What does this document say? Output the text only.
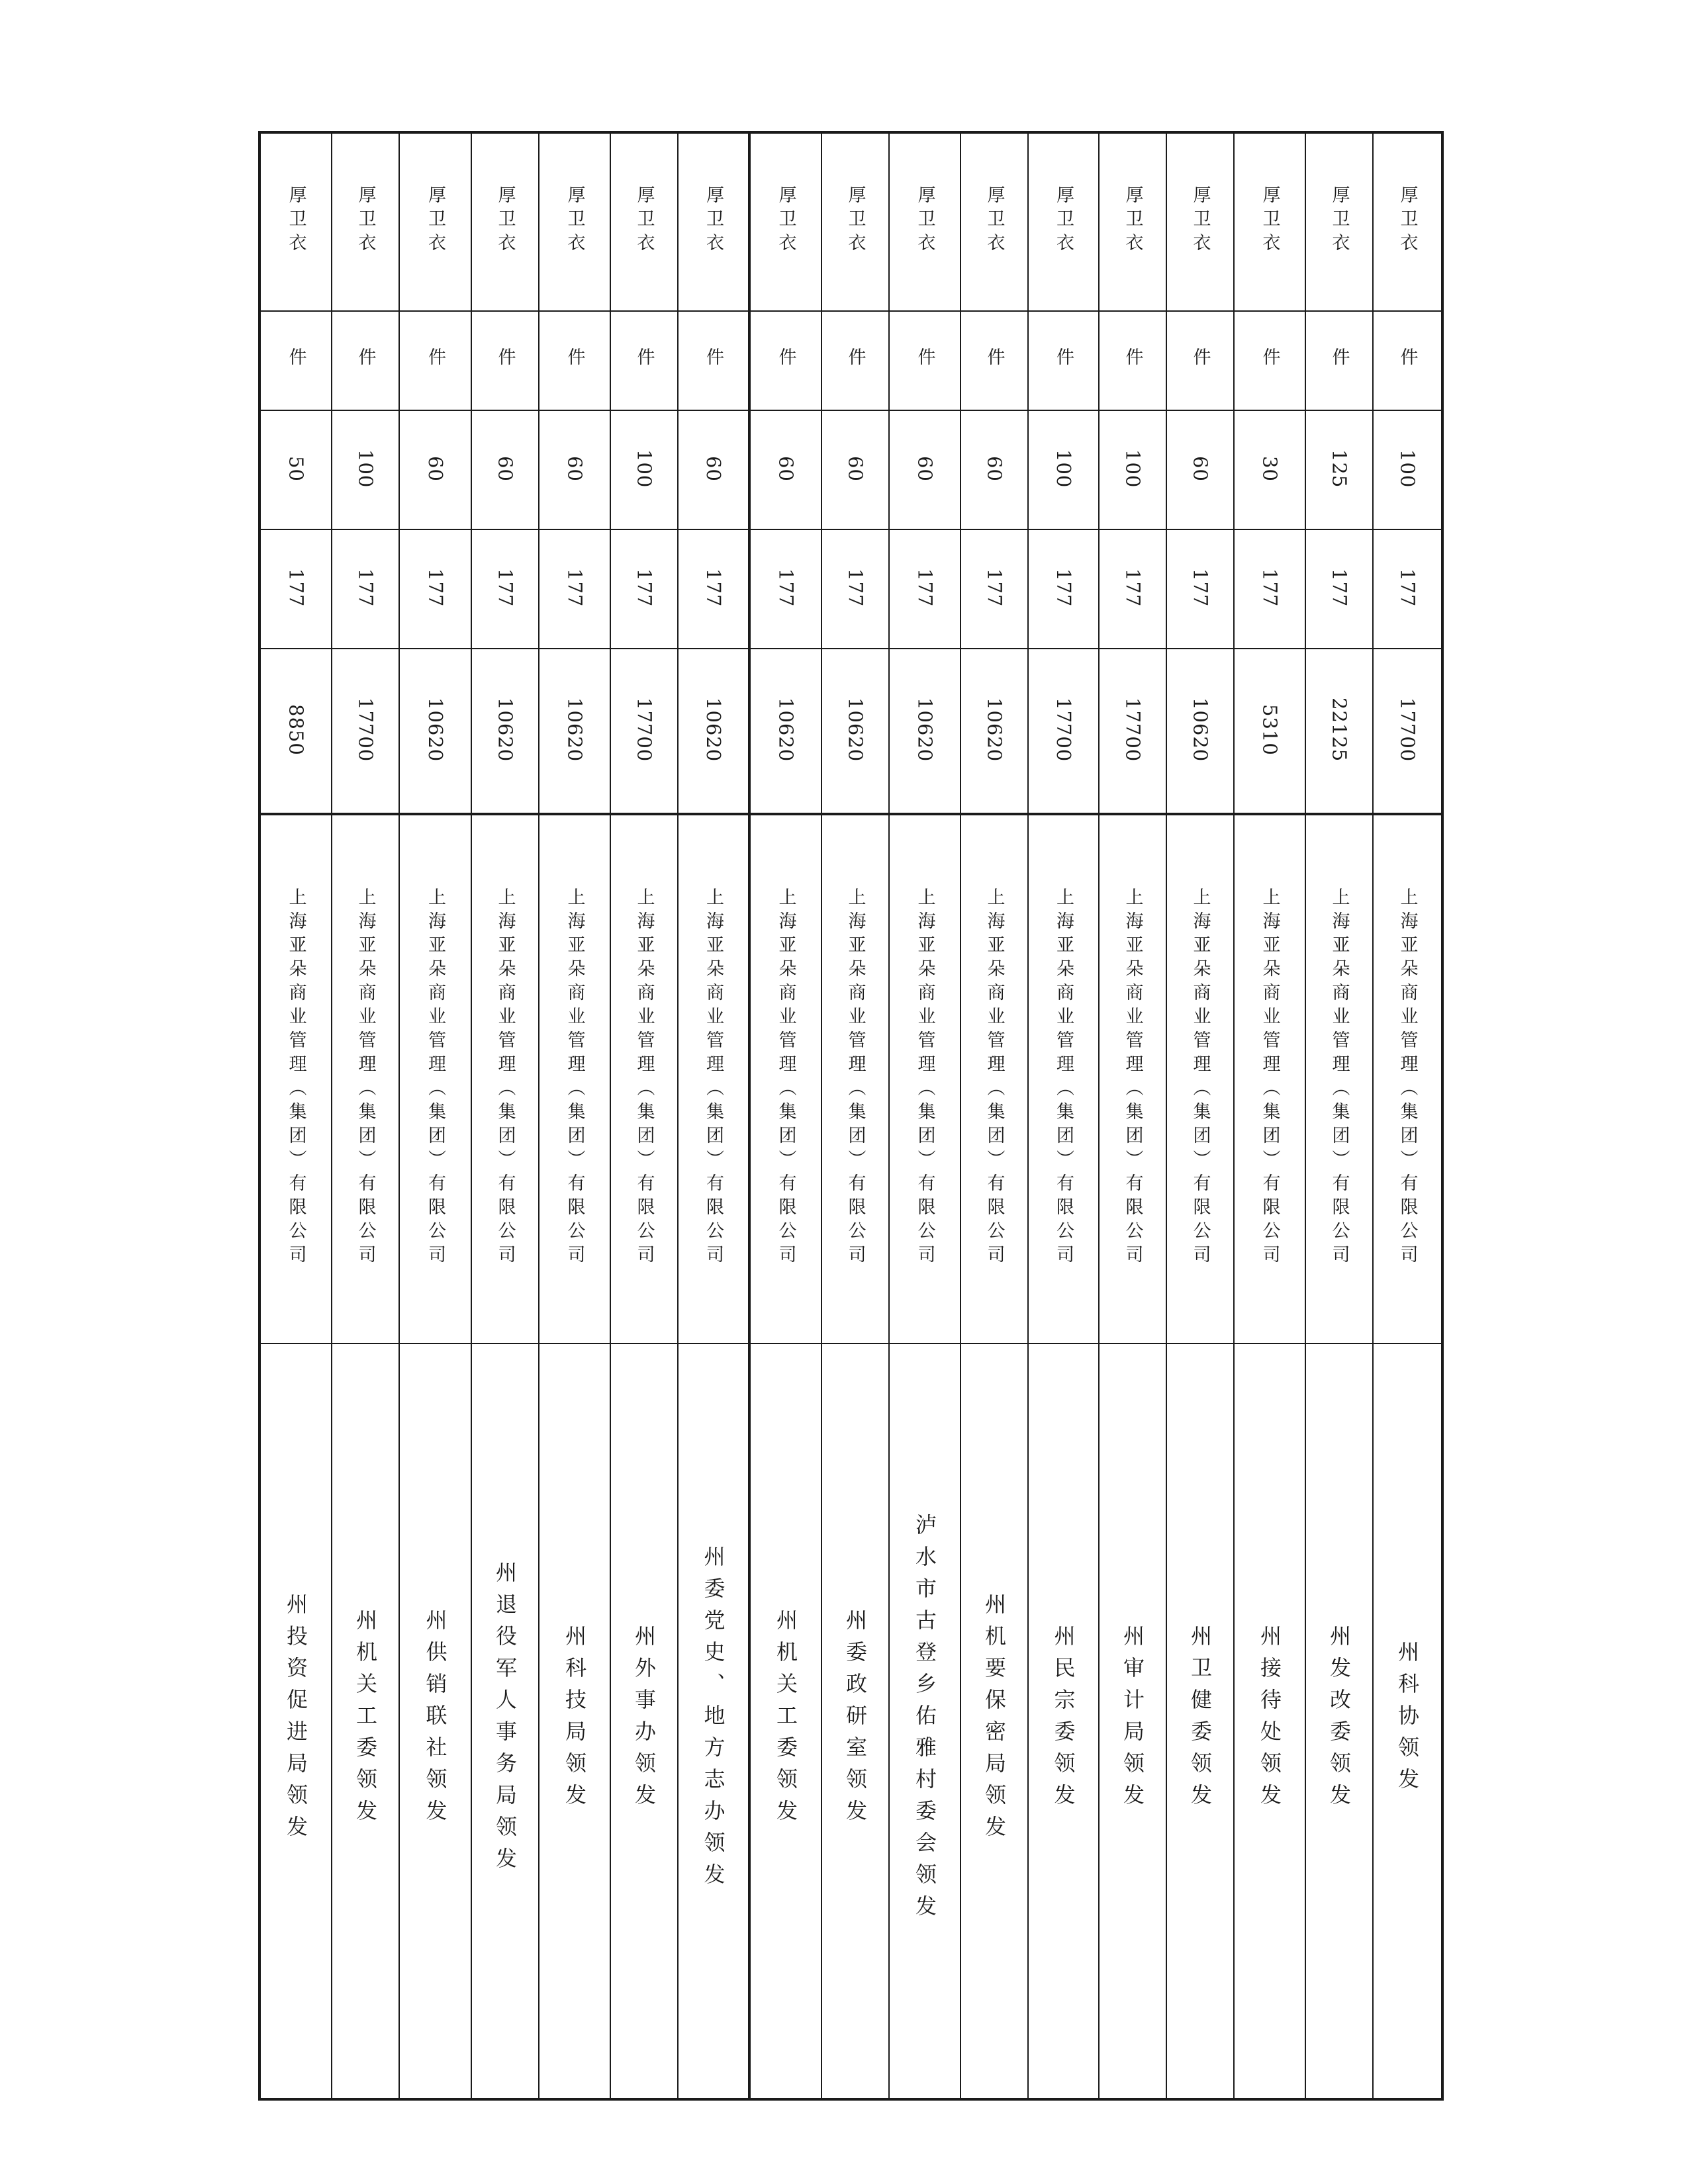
厚卫衣	厚卫衣	厚卫衣	厚卫衣	厚卫衣	厚卫衣	厚卫衣	厚卫衣	厚卫衣	厚卫衣	厚卫衣	厚卫衣	厚卫衣	厚卫衣	厚卫衣	厚卫衣	厚卫衣
件	件	件	件	件	件	件	件	件	件	件	件	件	件	件	件	件
50	100	60	60	60	100	60	60	60	60	60	100	100	60	30	125	100
177	177	177	177	177	177	177	177	177	177	177	177	177	177	177	177	177
8850	17700	10620	10620	10620	17700	10620	10620	10620	10620	10620	17700	17700	10620	5310	22125	17700
上海亚朵商业管理（集团）有限公司	上海亚朵商业管理（集团）有限公司	上海亚朵商业管理（集团）有限公司	上海亚朵商业管理（集团）有限公司	上海亚朵商业管理（集团）有限公司	上海亚朵商业管理（集团）有限公司	上海亚朵商业管理（集团）有限公司	上海亚朵商业管理（集团）有限公司	上海亚朵商业管理（集团）有限公司	上海亚朵商业管理（集团）有限公司	上海亚朵商业管理（集团）有限公司	上海亚朵商业管理（集团）有限公司	上海亚朵商业管理（集团）有限公司	上海亚朵商业管理（集团）有限公司	上海亚朵商业管理（集团）有限公司	上海亚朵商业管理（集团）有限公司	上海亚朵商业管理（集团）有限公司
州投资促进局领发	州机关工委领发	州供销联社领发	州退役军人事务局领发	州科技局领发	州外事办领发	州委党史、地方志办领发	州机关工委领发	州委政研室领发	泸水市古登乡佑雅村委会领发	州机要保密局领发	州民宗委领发	州审计局领发	州卫健委领发	州接待处领发	州发改委领发	州科协领发
